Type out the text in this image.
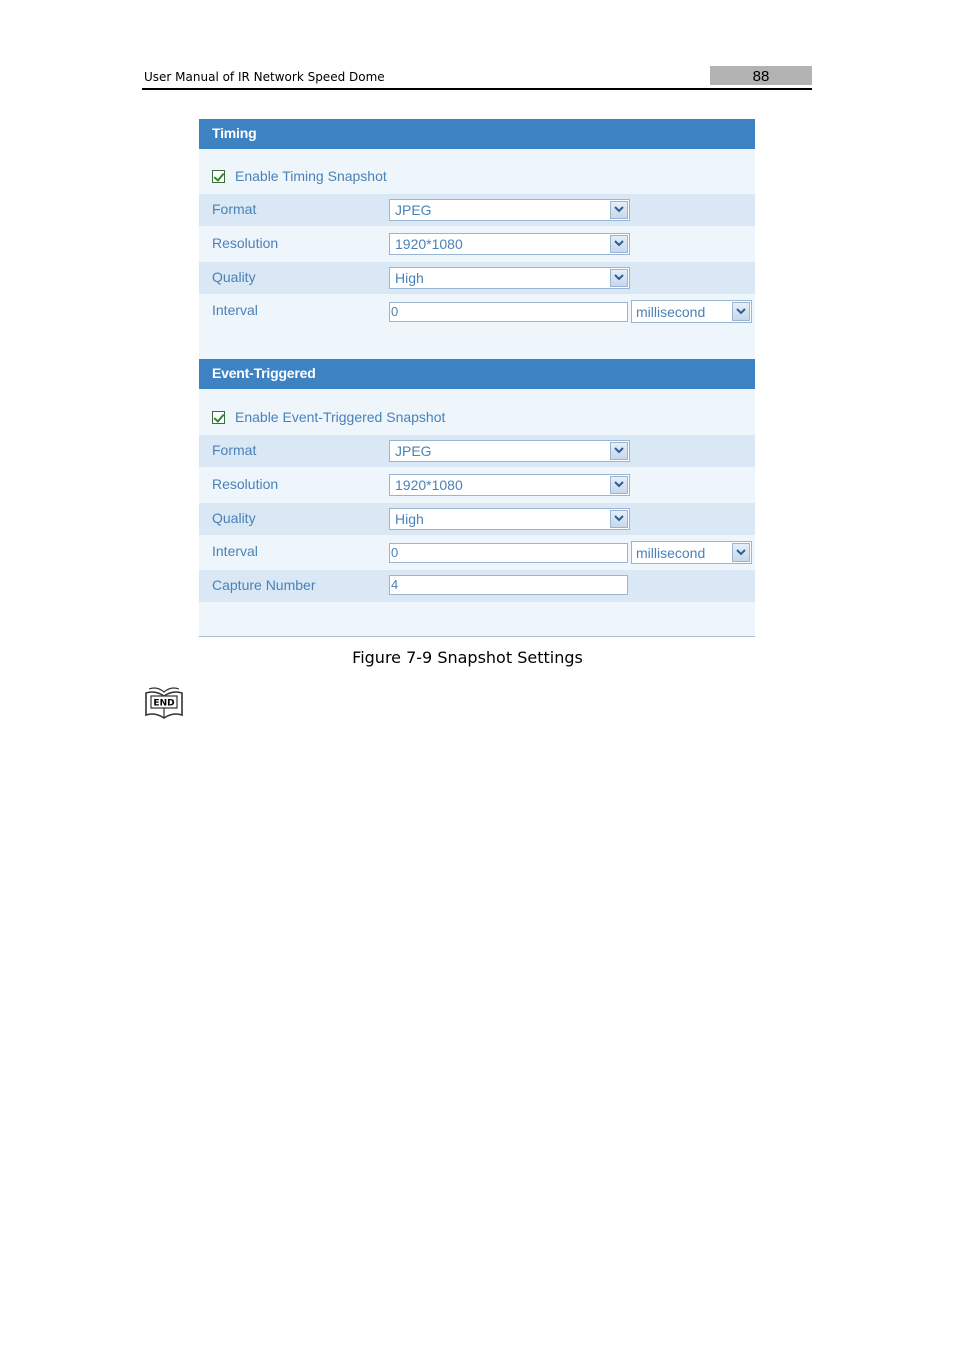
User Manual of IR Network Speed Dome	88
Timing
Enable Timing Snapshot
Format	JPEG
Resolution	1920*1080
Quality	High
Interval	0	millisecond
Event-Triggered
Enable Event-Triggered Snapshot
Format	JPEG
Resolution	1920*1080
Quality	High
Interval	0	millisecond
Capture Number	4
Figure 7-9 Snapshot Settings
END
